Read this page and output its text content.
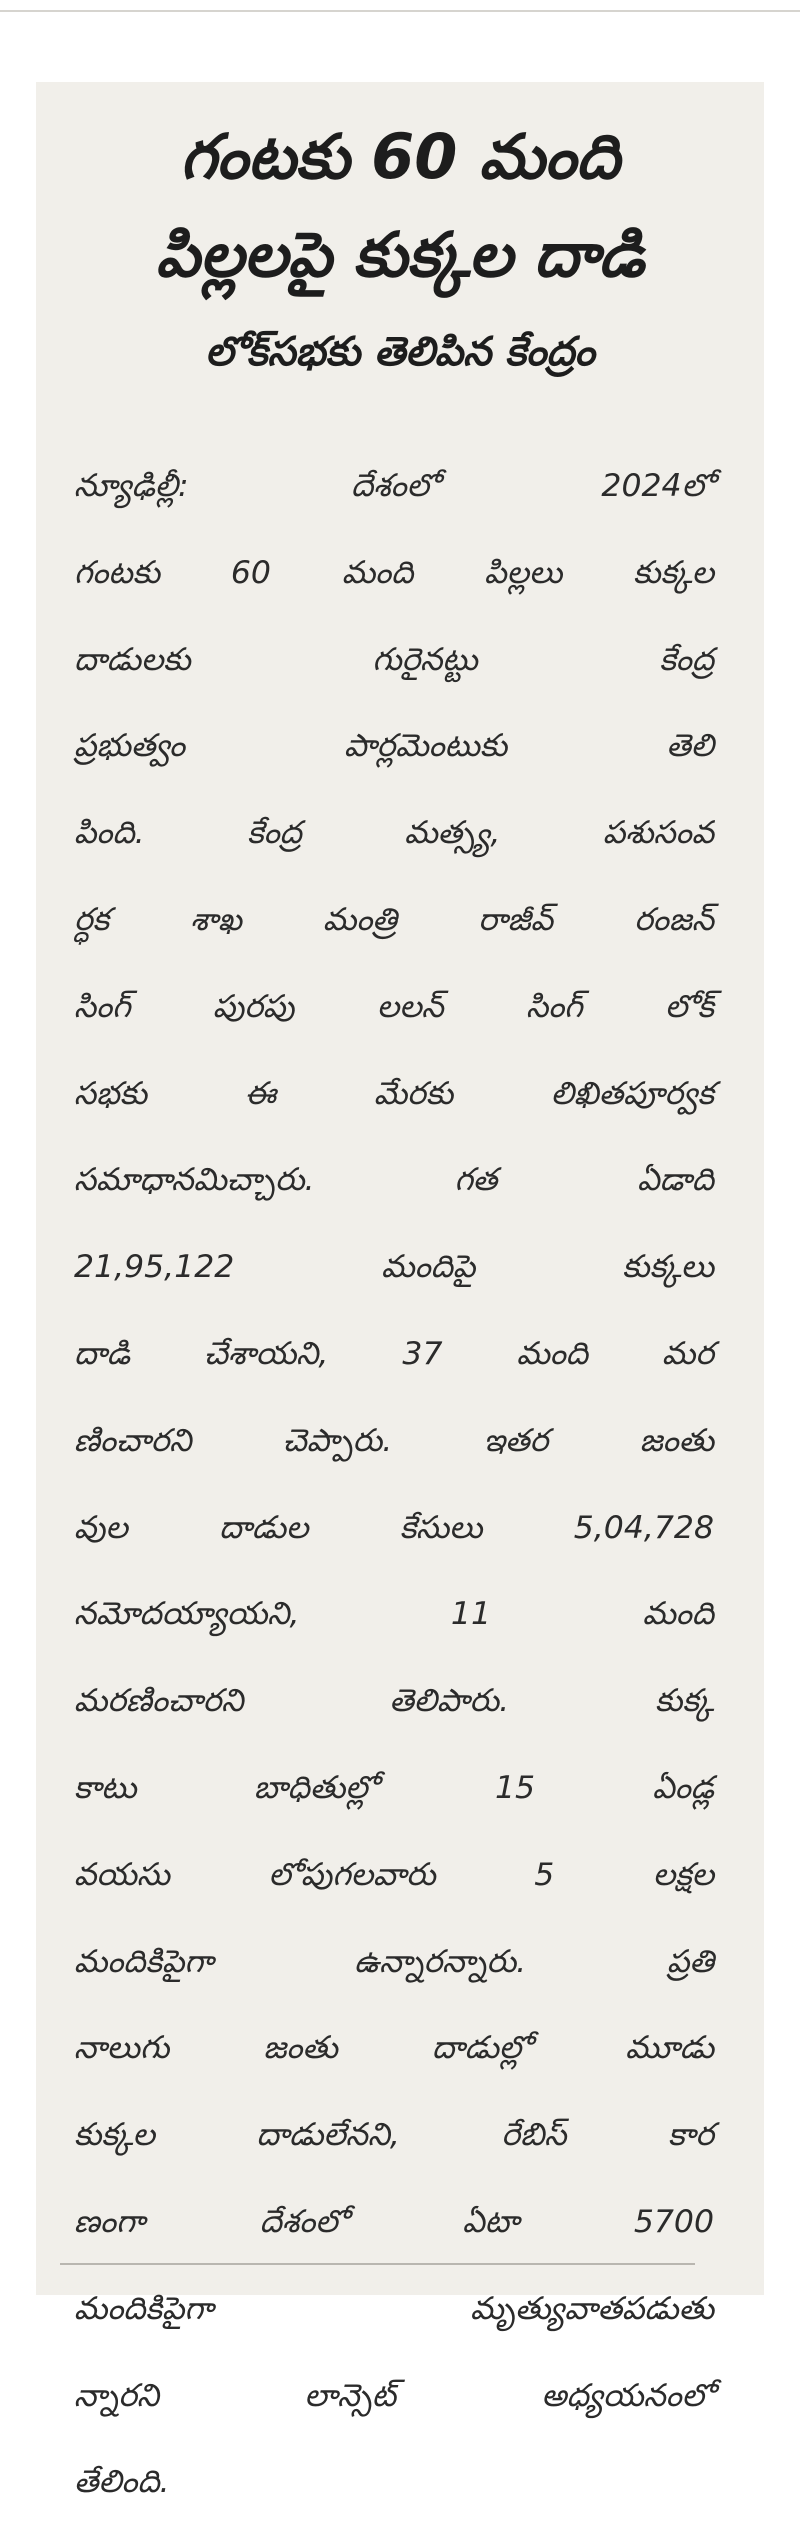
గంటకు 60 మంది
పిల్లలపై కుక్కల దాడి
లోక్‌సభకు తెలిపిన కేంద్రం
న్యూఢిల్లీ: దేశంలో 2024లో
గంటకు 60 మంది పిల్లలు కుక్కల
దాడులకు గురైనట్టు కేంద్ర
ప్రభుత్వం పార్లమెంటుకు తెలి
పింది. కేంద్ర మత్స్య, పశుసంవ
ర్ధక శాఖ మంత్రి రాజీవ్ రంజన్
సింగ్ పురపు లలన్ సింగ్ లోక్
సభకు ఈ మేరకు లిఖితపూర్వక
సమాధానమిచ్చారు. గత ఏడాది
21,95,122 మందిపై కుక్కలు
దాడి చేశాయని, 37 మంది మర
ణించారని చెప్పారు. ఇతర జంతు
వుల దాడుల కేసులు 5,04,728
నమోదయ్యాయని, 11 మంది
మరణించారని తెలిపారు. కుక్క
కాటు బాధితుల్లో 15 ఏండ్ల
వయసు లోపుగలవారు 5 లక్షల
మందికిపైగా ఉన్నారన్నారు. ప్రతి
నాలుగు జంతు దాడుల్లో మూడు
కుక్కల దాడులేనని, రేబిస్ కార
ణంగా దేశంలో ఏటా 5700
మందికిపైగా మృత్యువాతపడుతు
న్నారని లాన్సెట్ అధ్యయనంలో
తేలింది.
